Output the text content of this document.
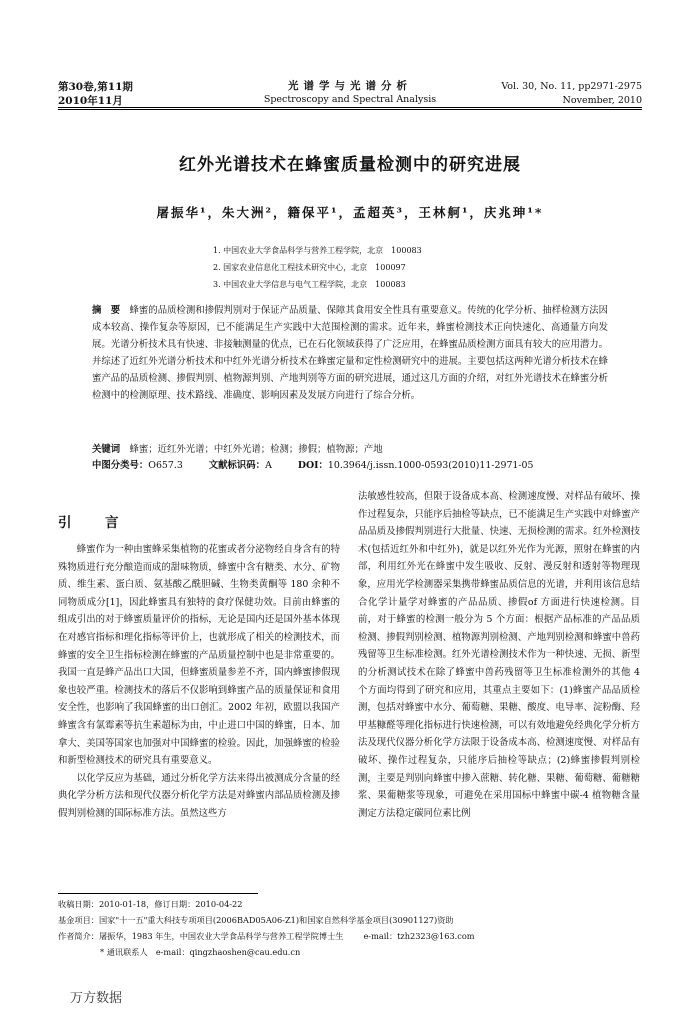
第30卷,第11期
2010年11月
光谱学与光谱分析
Spectroscopy and Spectral Analysis
Vol. 30, No. 11, pp2971-2975
November, 2010
红外光谱技术在蜂蜜质量检测中的研究进展
屠振华¹，朱大洲²，籍保平¹，孟超英³，王林舸¹，庆兆珅¹*
1. 中国农业大学食品科学与营养工程学院，北京　100083
2. 国家农业信息化工程技术研究中心，北京　100097
3. 中国农业大学信息与电气工程学院，北京　100083
摘　要　 蜂蜜的品质检测和掺假判别对于保证产品质量、保障其食用安全性具有重要意义。传统的化学分析、抽样检测方法因成本较高、操作复杂等原因，已不能满足生产实践中大范围检测的需求。近年来，蜂蜜检测技术正向快速化、高通量方向发展。光谱分析技术具有快速、非接触测量的优点，已在石化领域获得了广泛应用，在蜂蜜品质检测方面具有较大的应用潜力。并综述了近红外光谱分析技术和中红外光谱分析技术在蜂蜜定量和定性检测研究中的进展。主要包括这两种光谱分析技术在蜂蜜产品的品质检测、掺假判别、植物源判别、产地判别等方面的研究进展，通过这几方面的介绍，对红外光谱技术在蜂蜜分析检测中的检测原理、技术路线、准确度、影响因素及发展方向进行了综合分析。
关键词　 蜂蜜；近红外光谱；中红外光谱；检测；掺假；植物源；产地
中图分类号：O657.3	文献标识码：A	DOI：10.3964/j.issn.1000-0593(2010)11-2971-05
引　言

蜂蜜作为一种由蜜蜂采集植物的花蜜或者分泌物经自身含有的特殊物质进行充分酿造而成的甜味物质，蜂蜜中含有糖类、水分、矿物质、维生素、蛋白质、氨基酸乙酰胆碱、生物类黄酮等 180 余种不同物质成分[1]，因此蜂蜜具有独特的食疗保健功效。目前由蜂蜜的组成引出的对于蜂蜜质量评价的指标，无论是国内还是国外基本体现在对感官指标和理化指标等评价上，也就形成了相关的检测技术，而蜂蜜的安全卫生指标检测在蜂蜜的产品质量控制中也是非常重要的。我国一直是蜂产品出口大国，但蜂蜜质量参差不齐，国内蜂蜜掺假现象也较严重。检测技术的落后不仅影响到蜂蜜产品的质量保证和食用安全性，也影响了我国蜂蜜的出口创汇。2002 年初，欧盟以我国产蜂蜜含有氯霉素等抗生素超标为由，中止进口中国的蜂蜜，日本、加拿大、美国等国家也加强对中国蜂蜜的检验。因此，加强蜂蜜的检验和新型检测技术的研究具有重要意义。

以化学反应为基础，通过分析化学方法来得出被测成分含量的经典化学分析方法和现代仪器分析化学方法是对蜂蜜内部品质检测及掺假判别检测的国际标准方法。虽然这些方

法敏感性较高，但限于设备成本高、检测速度慢、对样品有破坏、操作过程复杂，只能序后抽检等缺点，已不能满足生产实践中对蜂蜜产品品质及掺假判别进行大批量、快速、无损检测的需求。红外检测技术(包括近红外和中红外)，就是以红外光作为光源，照射在蜂蜜的内部，利用红外光在蜂蜜中发生吸收、反射、漫反射和透射等物理现象，应用光学检测器采集携带蜂蜜品质信息的光谱，并利用该信息结合化学计量学对蜂蜜的产品品质、掺假of 方面进行快速检测。目前，对于蜂蜜的检测一般分为 5 个方面：根据产品标准的产品品质检测、掺假判别检测、植物源判别检测、产地判别检测和蜂蜜中兽药残留等卫生标准检测。红外光谱检测技术作为一种快速、无损、新型的分析测试技术在除了蜂蜜中兽药残留等卫生标准检测外的其他 4 个方面均得到了研究和应用，其重点主要如下：(1)蜂蜜产品品质检测，包括对蜂蜜中水分、葡萄糖、果糖、酸度、电导率、淀粉酶、羟甲基糠醛等理化指标进行快速检测，可以有效地避免经典化学分析方法及现代仪器分析化学方法限于设备成本高、检测速度慢、对样品有破坏、操作过程复杂，只能序后抽检等缺点；(2)蜂蜜掺假判别检测，主要是判别向蜂蜜中掺入蔗糖、转化糖、果糖、葡萄糖、葡糖糖浆、果葡糖浆等现象，可避免在采用国标中蜂蜜中碳-4 植物糖含量测定方法稳定碳同位素比例

收稿日期：2010-01-18，修订日期：2010-04-22
基金项目：国家"十一五"重大科技专项项目(2006BAD05A06-Z1)和国家自然科学基金项目(30901127)资助
作者简介：屠振华，1983 年生，中国农业大学食品科学与营养工程学院博士生 e-mail：tzh2323@163.com
* 通讯联系人　e-mail：qingzhaoshen@cau.edu.cn
万方数据
